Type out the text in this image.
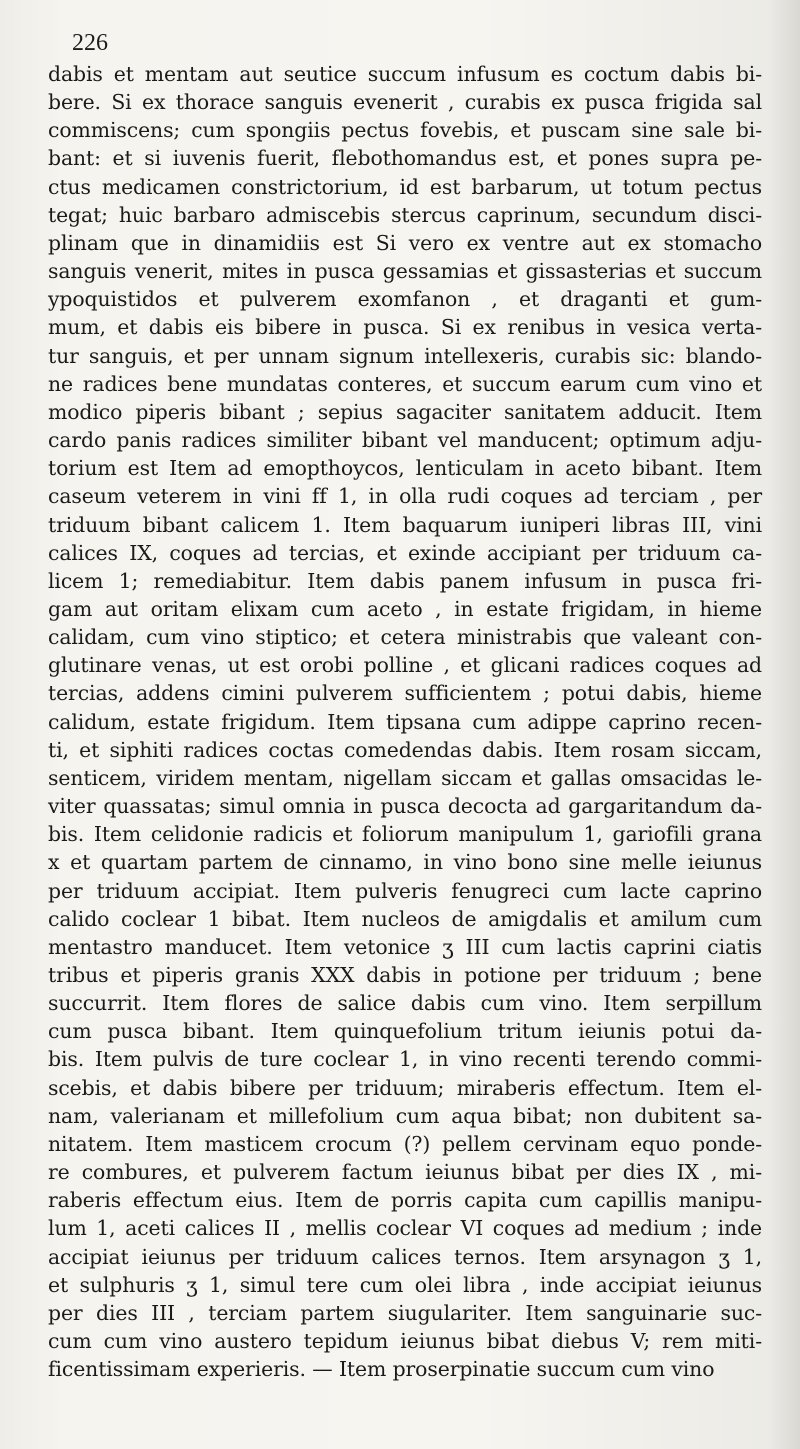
226
dabis et mentam aut seutice succum infusum es coctum dabis bi-
bere. Si ex thorace sanguis evenerit , curabis ex pusca frigida sal
commiscens; cum spongiis pectus fovebis, et puscam sine sale bi-
bant: et si iuvenis fuerit, flebothomandus est, et pones supra pe-
ctus medicamen constrictorium, id est barbarum, ut totum pectus
tegat; huic barbaro admiscebis stercus caprinum, secundum disci-
plinam que in dinamidiis est Si vero ex ventre aut ex stomacho
sanguis venerit, mites in pusca gessamias et gissasterias et succum
ypoquistidos et pulverem exomfanon , et draganti et gum-
mum, et dabis eis bibere in pusca. Si ex renibus in vesica verta-
tur sanguis, et per unnam signum intellexeris, curabis sic: blando-
ne radices bene mundatas conteres, et succum earum cum vino et
modico piperis bibant ; sepius sagaciter sanitatem adducit. Item
cardo panis radices similiter bibant vel manducent; optimum adju-
torium est Item ad emopthoycos, lenticulam in aceto bibant. Item
caseum veterem in vini ff 1, in olla rudi coques ad terciam , per
triduum bibant calicem 1. Item baquarum iuniperi libras III, vini
calices IX, coques ad tercias, et exinde accipiant per triduum ca-
licem 1; remediabitur. Item dabis panem infusum in pusca fri-
gam aut oritam elixam cum aceto , in estate frigidam, in hieme
calidam, cum vino stiptico; et cetera ministrabis que valeant con-
glutinare venas, ut est orobi polline , et glicani radices coques ad
tercias, addens cimini pulverem sufficientem ; potui dabis, hieme
calidum, estate frigidum. Item tipsana cum adippe caprino recen-
ti, et siphiti radices coctas comedendas dabis. Item rosam siccam,
senticem, viridem mentam, nigellam siccam et gallas omsacidas le-
viter quassatas; simul omnia in pusca decocta ad gargaritandum da-
bis. Item celidonie radicis et foliorum manipulum 1, gariofili grana
x et quartam partem de cinnamo, in vino bono sine melle ieiunus
per triduum accipiat. Item pulveris fenugreci cum lacte caprino
calido coclear 1 bibat. Item nucleos de amigdalis et amilum cum
mentastro manducet. Item vetonice ʒ III cum lactis caprini ciatis
tribus et piperis granis XXX dabis in potione per triduum ; bene
succurrit. Item flores de salice dabis cum vino. Item serpillum
cum pusca bibant. Item quinquefolium tritum ieiunis potui da-
bis. Item pulvis de ture coclear 1, in vino recenti terendo commi-
scebis, et dabis bibere per triduum; miraberis effectum. Item el-
nam, valerianam et millefolium cum aqua bibat; non dubitent sa-
nitatem. Item masticem crocum (?) pellem cervinam equo ponde-
re combures, et pulverem factum ieiunus bibat per dies IX , mi-
raberis effectum eius. Item de porris capita cum capillis manipu-
lum 1, aceti calices II , mellis coclear VI coques ad medium ; inde
accipiat ieiunus per triduum calices ternos. Item arsynagon ʒ 1,
et sulphuris ʒ 1, simul tere cum olei libra , inde accipiat ieiunus
per dies III , terciam partem siugulariter. Item sanguinarie suc-
cum cum vino austero tepidum ieiunus bibat diebus V; rem miti-
ficentissimam experieris. — Item proserpinatie succum cum vino
